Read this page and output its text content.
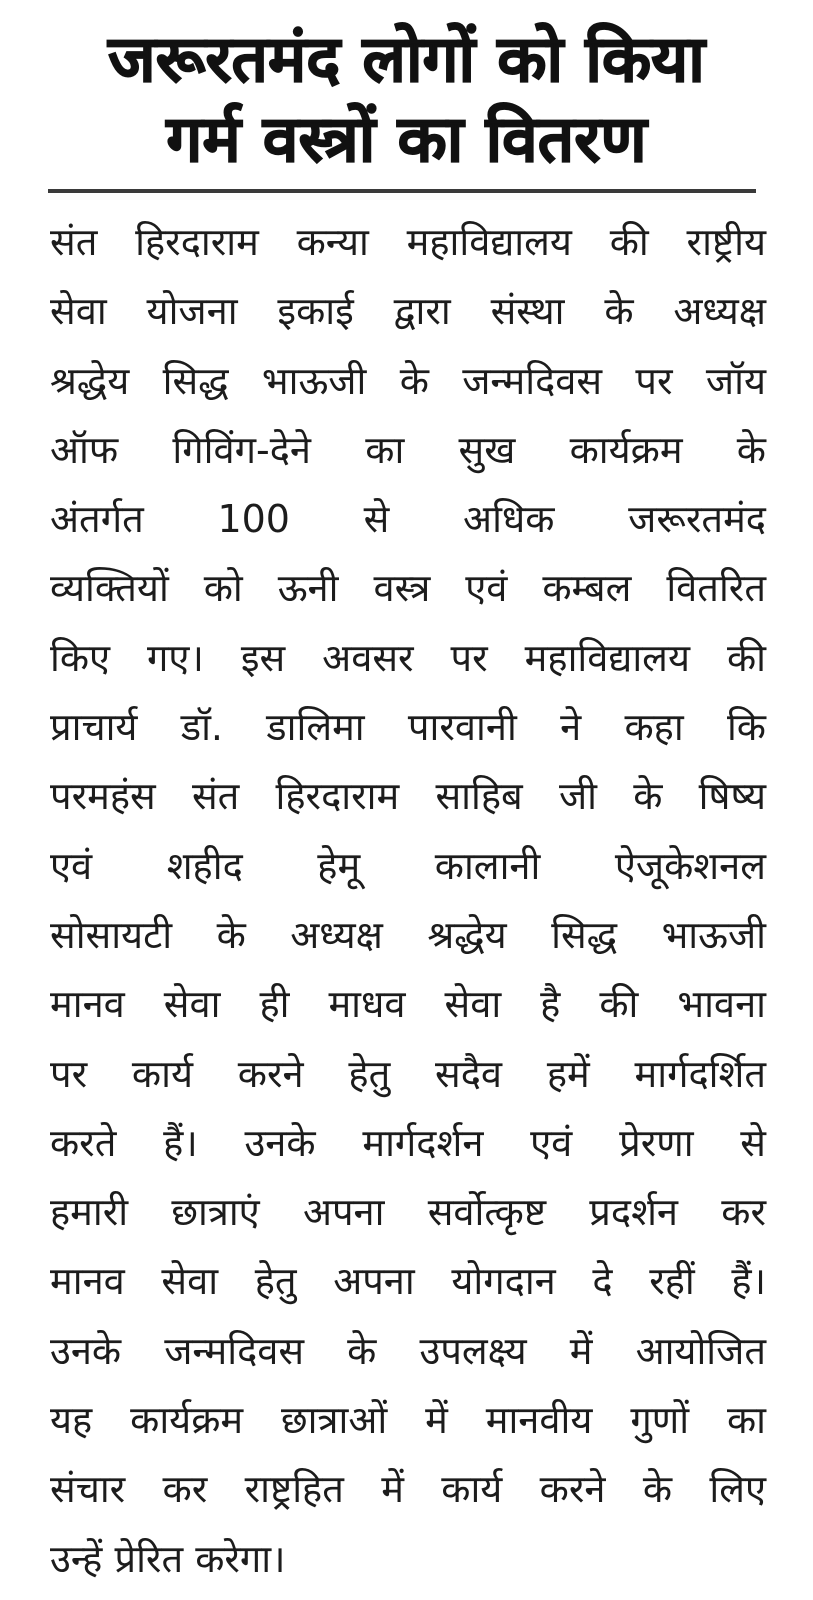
जरूरतमंद लोगों को किया
गर्म वस्त्रों का वितरण
संत हिरदाराम कन्या महाविद्यालय की राष्ट्रीय
सेवा योजना इकाई द्वारा संस्था के अध्यक्ष
श्रद्धेय सिद्ध भाऊजी के जन्मदिवस पर जॉय
ऑफ गिविंग-देने का सुख कार्यक्रम के
अंतर्गत 100 से अधिक जरूरतमंद
व्यक्तियों को ऊनी वस्त्र एवं कम्बल वितरित
किए गए। इस अवसर पर महाविद्यालय की
प्राचार्य डॉ. डालिमा पारवानी ने कहा कि
परमहंस संत हिरदाराम साहिब जी के षिष्य
एवं शहीद हेमू कालानी ऐजूकेशनल
सोसायटी के अध्यक्ष श्रद्धेय सिद्ध भाऊजी
मानव सेवा ही माधव सेवा है की भावना
पर कार्य करने हेतु सदैव हमें मार्गदर्शित
करते हैं। उनके मार्गदर्शन एवं प्रेरणा से
हमारी छात्राएं अपना सर्वोत्कृष्ट प्रदर्शन कर
मानव सेवा हेतु अपना योगदान दे रहीं हैं।
उनके जन्मदिवस के उपलक्ष्य में आयोजित
यह कार्यक्रम छात्राओं में मानवीय गुणों का
संचार कर राष्ट्रहित में कार्य करने के लिए
उन्हें प्रेरित करेगा।
